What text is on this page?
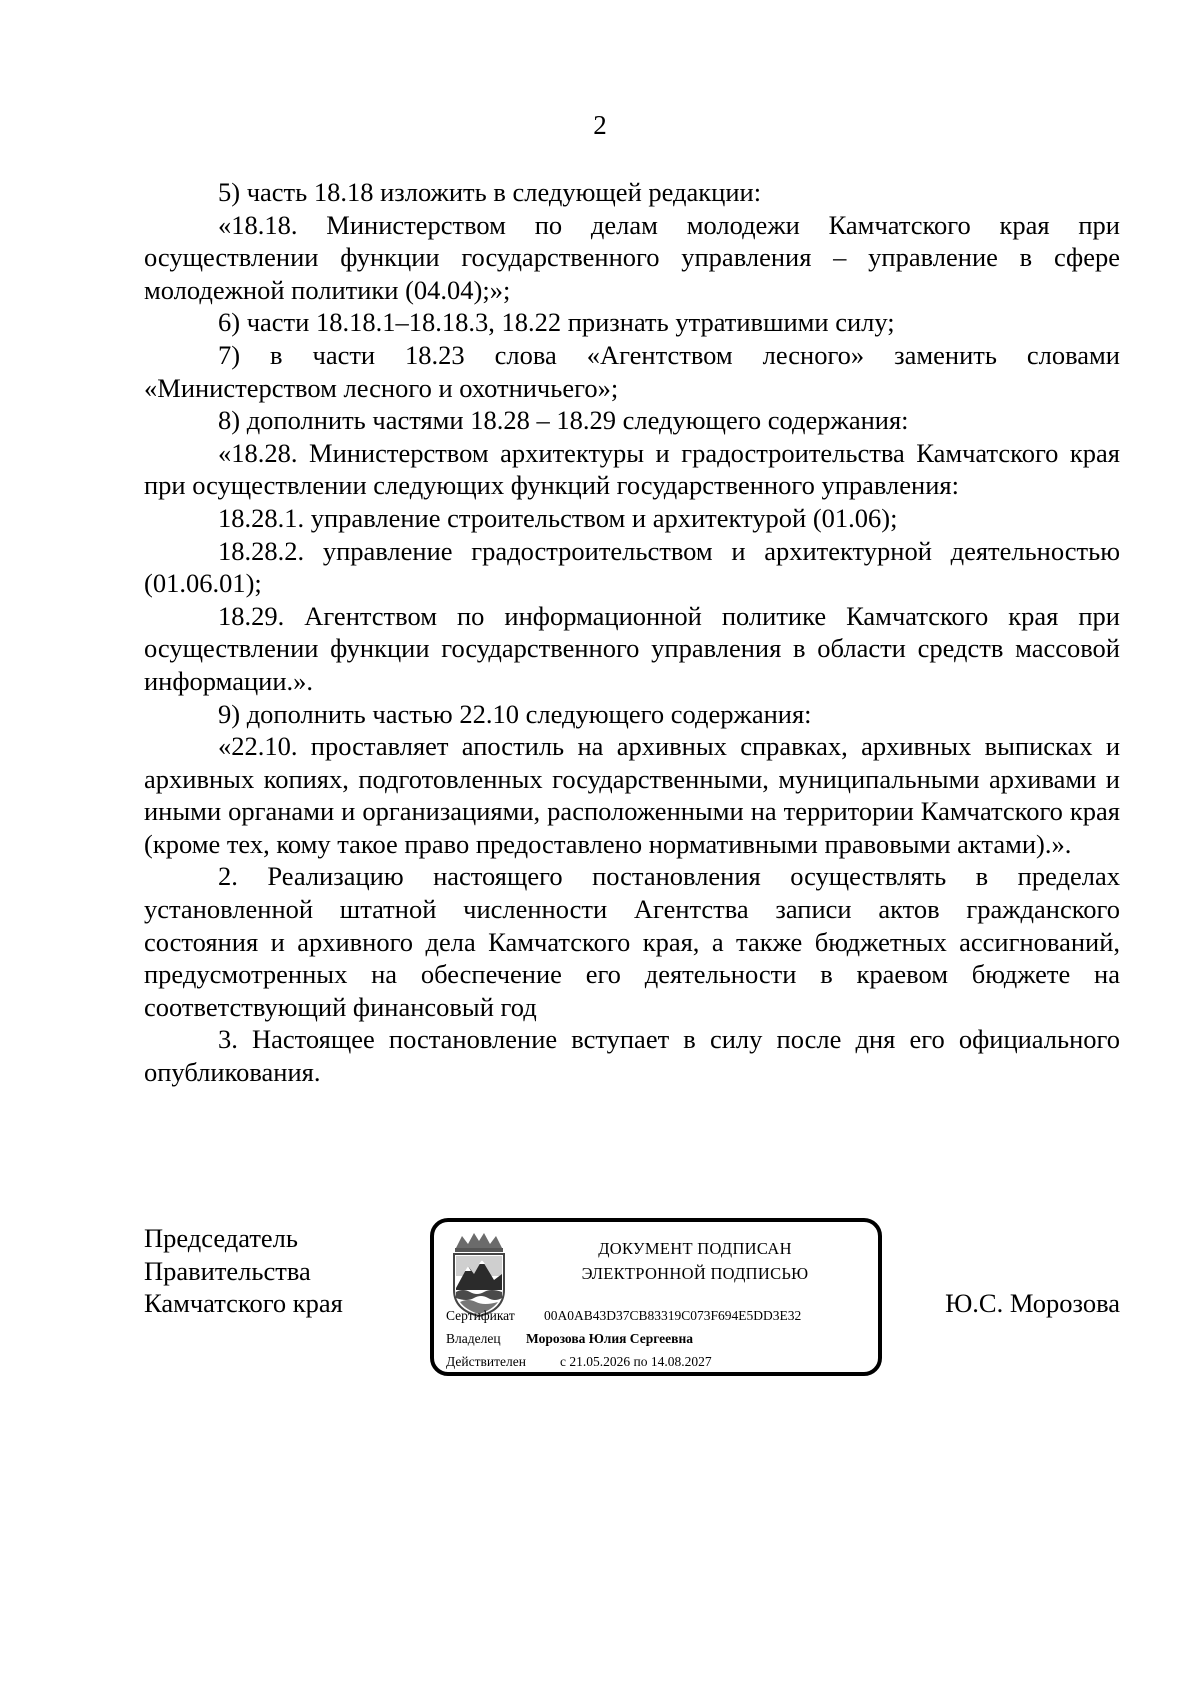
2

5) часть 18.18 изложить в следующей редакции:

«18.18. Министерством по делам молодежи Камчатского края при осуществлении функции государственного управления – управление в сфере молодежной политики (04.04);»;

6) части 18.18.1–18.18.3, 18.22 признать утратившими силу;

7) в части 18.23 слова «Агентством лесного» заменить словами «Министерством лесного и охотничьего»;

8) дополнить частями 18.28 – 18.29 следующего содержания:

«18.28. Министерством архитектуры и градостроительства Камчатского края при осуществлении следующих функций государственного управления:

18.28.1. управление строительством и архитектурой (01.06);

18.28.2. управление градостроительством и архитектурной деятельностью (01.06.01);

18.29. Агентством по информационной политике Камчатского края при осуществлении функции государственного управления в области средств массовой информации.».

9) дополнить частью 22.10 следующего содержания:

«22.10. проставляет апостиль на архивных справках, архивных выписках и архивных копиях, подготовленных государственными, муниципальными архивами и иными органами и организациями, расположенными на территории Камчатского края (кроме тех, кому такое право предоставлено нормативными правовыми актами).».

2. Реализацию настоящего постановления осуществлять в пределах установленной штатной численности Агентства записи актов гражданского состояния и архивного дела Камчатского края, а также бюджетных ассигнований, предусмотренных на обеспечение его деятельности в краевом бюджете на соответствующий финансовый год

3. Настоящее постановление вступает в силу после дня его официального опубликования.

Председатель
Правительства
Камчатского края
ДОКУМЕНТ ПОДПИСАН
ЭЛЕКТРОННОЙ ПОДПИСЬЮ
Сертификат 00A0AB43D37CB83319C073F694E5DD3E32
Владелец Морозова Юлия Сергеевна
Действителен	с 21.05.2026 по 14.08.2027
Ю.С. Морозова
